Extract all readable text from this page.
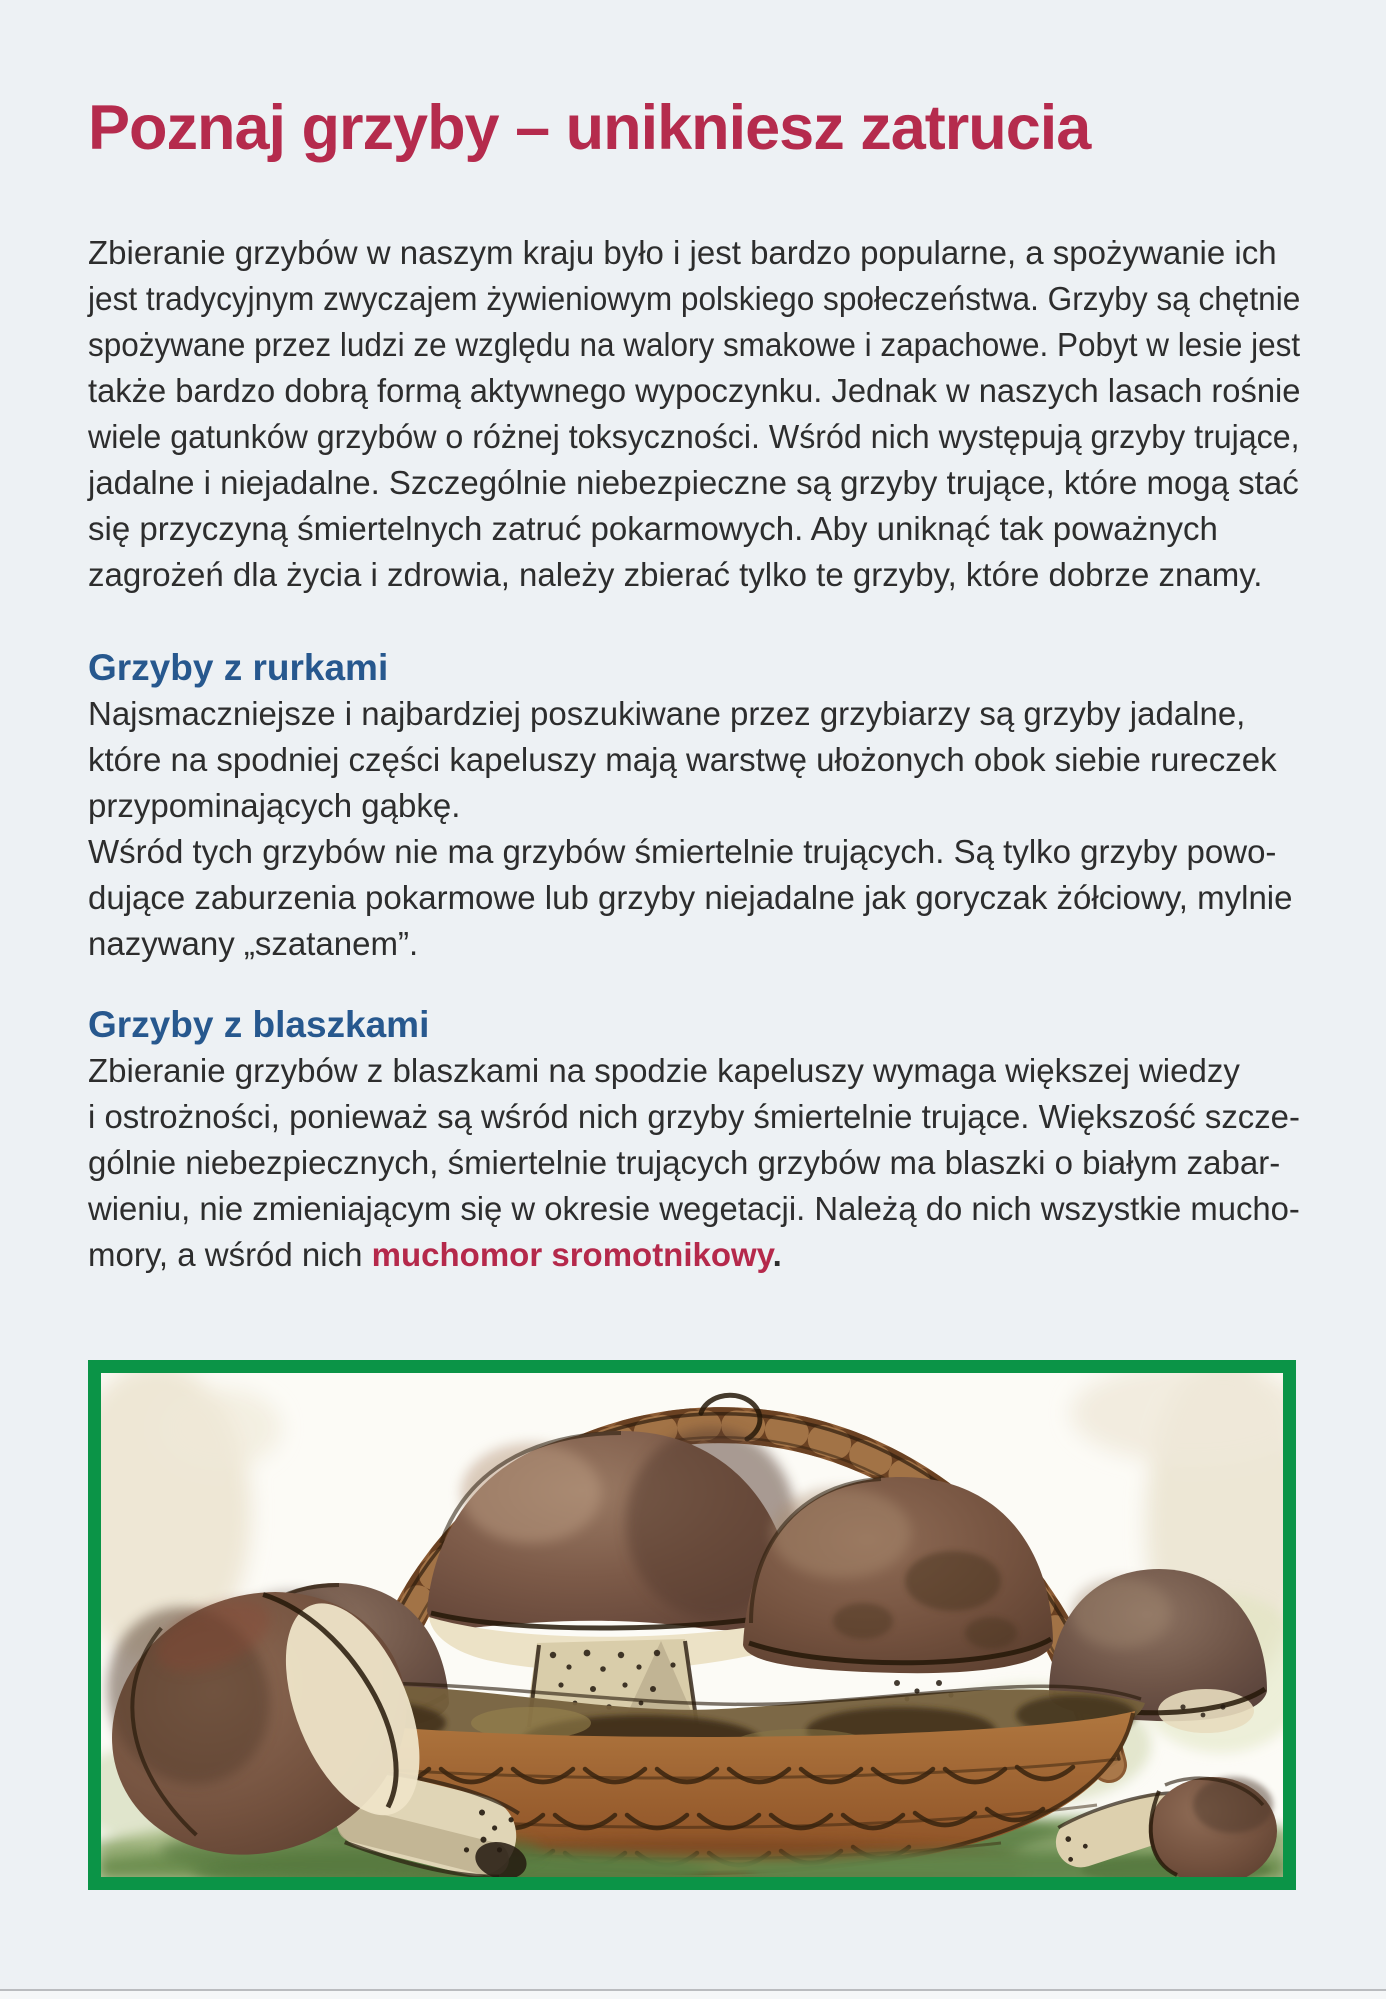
Poznaj grzyby – unikniesz zatrucia
Zbieranie grzybów w naszym kraju było i jest bardzo popularne, a spożywanie ich
jest tradycyjnym zwyczajem żywieniowym polskiego społeczeństwa. Grzyby są chętnie
spożywane przez ludzi ze względu na walory smakowe i zapachowe. Pobyt w lesie jest
także bardzo dobrą formą aktywnego wypoczynku. Jednak w naszych lasach rośnie
wiele gatunków grzybów o różnej toksyczności. Wśród nich występują grzyby trujące,
jadalne i niejadalne. Szczególnie niebezpieczne są grzyby trujące, które mogą stać
się przyczyną śmiertelnych zatruć pokarmowych. Aby uniknąć tak poważnych
zagrożeń dla życia i zdrowia, należy zbierać tylko te grzyby, które dobrze znamy.
Grzyby z rurkami
Najsmaczniejsze i najbardziej poszukiwane przez grzybiarzy są grzyby jadalne,
które na spodniej części kapeluszy mają warstwę ułożonych obok siebie rureczek
przypominających gąbkę.
Wśród tych grzybów nie ma grzybów śmiertelnie trujących. Są tylko grzyby powo-
dujące zaburzenia pokarmowe lub grzyby niejadalne jak goryczak żółciowy, mylnie
nazywany „szatanem”.
Grzyby z blaszkami
Zbieranie grzybów z blaszkami na spodzie kapeluszy wymaga większej wiedzy
i ostrożności, ponieważ są wśród nich grzyby śmiertelnie trujące. Większość szcze-
gólnie niebezpiecznych, śmiertelnie trujących grzybów ma blaszki o białym zabar-
wieniu, nie zmieniającym się w okresie wegetacji. Należą do nich wszystkie mucho-
mory, a wśród nich muchomor sromotnikowy.
